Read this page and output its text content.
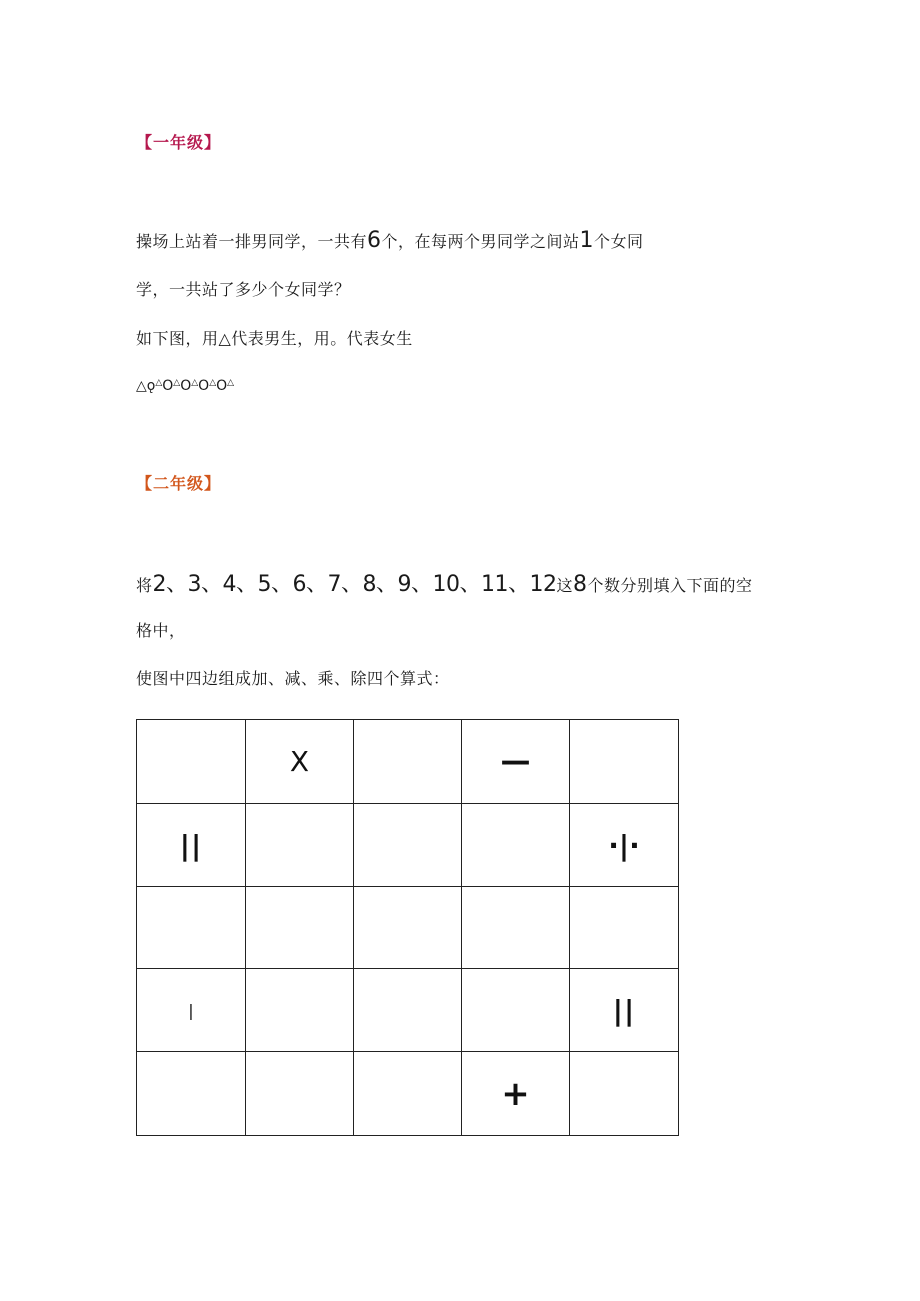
【一年级】
操场上站着一排男同学，一共有6个，在每两个男同学之间站1个女同
学，一共站了多少个女同学？
如下图，用△代表男生，用。代表女生
△ǫ△O△O△O△O△
【二年级】
将2、3、4、5、6、7、8、9、10、11、12这8个数分别填入下面的空
格中，
使图中四边组成加、减、乘、除四个算式：
	X		—	
||				·|·

|				||
			+	
